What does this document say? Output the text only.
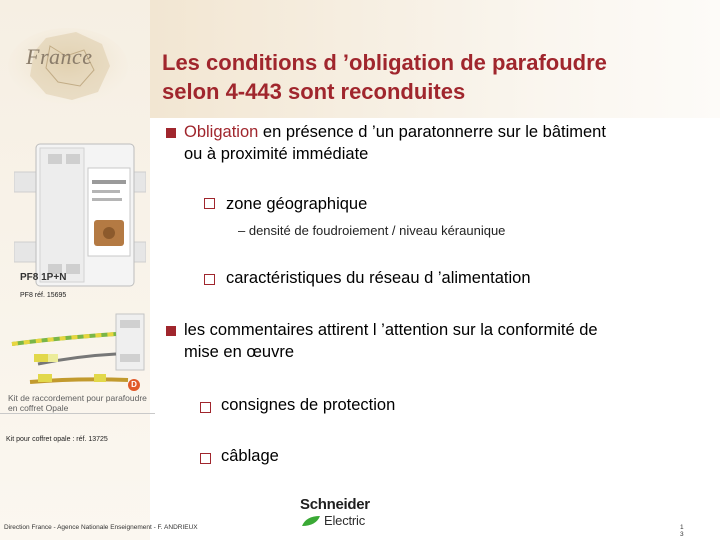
France	Les conditions d ’obligation de parafoudre
selon 4-443 sont reconduites
Obligation en présence d ’un paratonnerre sur le bâtiment
ou à proximité immédiate
zone géographique
– densité de foudroiement / niveau kéraunique
caractéristiques du réseau d ’alimentation
les commentaires attirent l ’attention sur la conformité de
mise en œuvre
consignes de protection
câblage
PF8 1P+N
PF8 réf. 15695
D
Kit de raccordement pour parafoudre
en coffret Opale
Kit pour coffret opale : réf. 13725
Direction France - Agence Nationale Enseignement - F. ANDRIEUX	1
3
Schneider
Electric
